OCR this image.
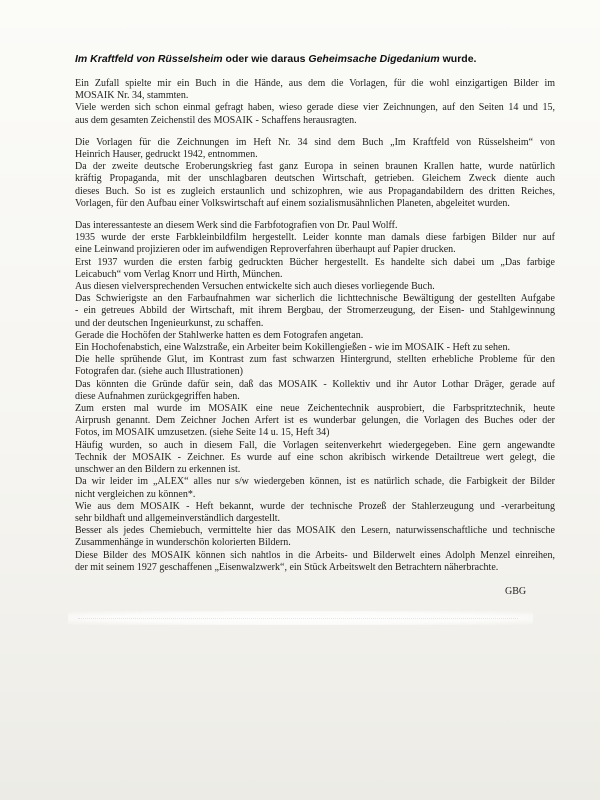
Im Kraftfeld von Rüsselsheim oder wie daraus Geheimsache Digedanium wurde.
Ein Zufall spielte mir ein Buch in die Hände, aus dem die Vorlagen, für die wohl einzigartigen Bilder im
MOSAIK Nr. 34, stammten.
Viele werden sich schon einmal gefragt haben, wieso gerade diese vier Zeichnungen, auf den Seiten 14 und 15,
aus dem gesamten Zeichenstil des MOSAIK - Schaffens herausragten.
Die Vorlagen für die Zeichnungen im Heft Nr. 34 sind dem Buch „Im Kraftfeld von Rüsselsheim“ von
Heinrich Hauser, gedruckt 1942, entnommen.
Da der zweite deutsche Eroberungskrieg fast ganz Europa in seinen braunen Krallen hatte, wurde natürlich
kräftig Propaganda, mit der unschlagbaren deutschen Wirtschaft, getrieben. Gleichem Zweck diente auch
dieses Buch. So ist es zugleich erstaunlich und schizophren, wie aus Propagandabildern des dritten Reiches,
Vorlagen, für den Aufbau einer Volkswirtschaft auf einem sozialismusähnlichen Planeten, abgeleitet wurden.
Das interessanteste an diesem Werk sind die Farbfotografien von Dr. Paul Wolff.
1935 wurde der erste Farbkleinbildfilm hergestellt. Leider konnte man damals diese farbigen Bilder nur auf
eine Leinwand projizieren oder im aufwendigen Reproverfahren überhaupt auf Papier drucken.
Erst 1937 wurden die ersten farbig gedruckten Bücher hergestellt. Es handelte sich dabei um „Das farbige
Leicabuch“ vom Verlag Knorr und Hirth, München.
Aus diesen vielversprechenden Versuchen entwickelte sich auch dieses vorliegende Buch.
Das Schwierigste an den Farbaufnahmen war sicherlich die lichttechnische Bewältigung der gestellten Aufgabe
- ein getreues Abbild der Wirtschaft, mit ihrem Bergbau, der Stromerzeugung, der Eisen- und Stahlgewinnung
und der deutschen Ingenieurkunst, zu schaffen.
Gerade die Hochöfen der Stahlwerke hatten es dem Fotografen angetan.
Ein Hochofenabstich, eine Walzstraße, ein Arbeiter beim Kokillengießen - wie im MOSAIK - Heft zu sehen.
Die helle sprühende Glut, im Kontrast zum fast schwarzen Hintergrund, stellten erhebliche Probleme für den
Fotografen dar. (siehe auch Illustrationen)
Das könnten die Gründe dafür sein, daß das MOSAIK - Kollektiv und ihr Autor Lothar Dräger, gerade auf
diese Aufnahmen zurückgegriffen haben.
Zum ersten mal wurde im MOSAIK eine neue Zeichentechnik ausprobiert, die Farbspritztechnik, heute
Airprush genannt. Dem Zeichner Jochen Arfert ist es wunderbar gelungen, die Vorlagen des Buches oder der
Fotos, im MOSAIK umzusetzen. (siehe Seite 14 u. 15, Heft 34)
Häufig wurden, so auch in diesem Fall, die Vorlagen seitenverkehrt wiedergegeben. Eine gern angewandte
Technik der MOSAIK - Zeichner. Es wurde auf eine schon akribisch wirkende Detailtreue wert gelegt, die
unschwer an den Bildern zu erkennen ist.
Da wir leider im „ALEX“ alles nur s/w wiedergeben können, ist es natürlich schade, die Farbigkeit der Bilder
nicht vergleichen zu können*.
Wie aus dem MOSAIK - Heft bekannt, wurde der technische Prozeß der Stahlerzeugung und -verarbeitung
sehr bildhaft und allgemeinverständlich dargestellt.
Besser als jedes Chemiebuch, vermittelte hier das MOSAIK den Lesern, naturwissenschaftliche und technische
Zusammenhänge in wunderschön kolorierten Bildern.
Diese Bilder des MOSAIK können sich nahtlos in die Arbeits- und Bilderwelt eines Adolph Menzel einreihen,
der mit seinem 1927 geschaffenen „Eisenwalzwerk“, ein Stück Arbeitswelt den Betrachtern näherbrachte.
GBG
